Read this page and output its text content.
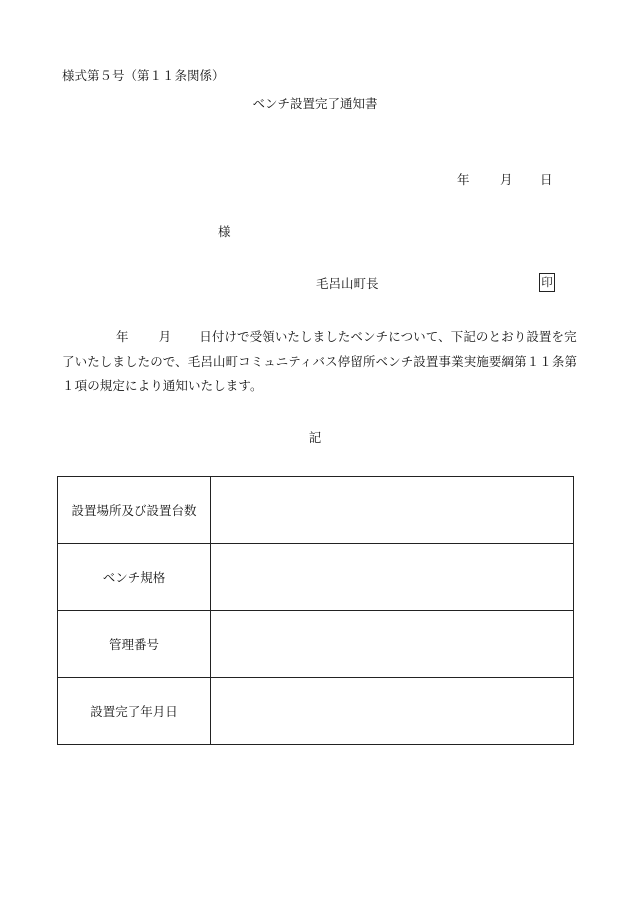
様式第５号（第１１条関係）
ベンチ設置完了通知書
年 月 日
様
毛呂山町長	印
年 月 日付けで受領いたしましたベンチについて、下記のとおり設置を完了いたしましたので、毛呂山町コミュニティバス停留所ベンチ設置事業実施要綱第１１条第１項の規定により通知いたします。
記
設置場所及び設置台数	
ベンチ規格	
管理番号	
設置完了年月日	
